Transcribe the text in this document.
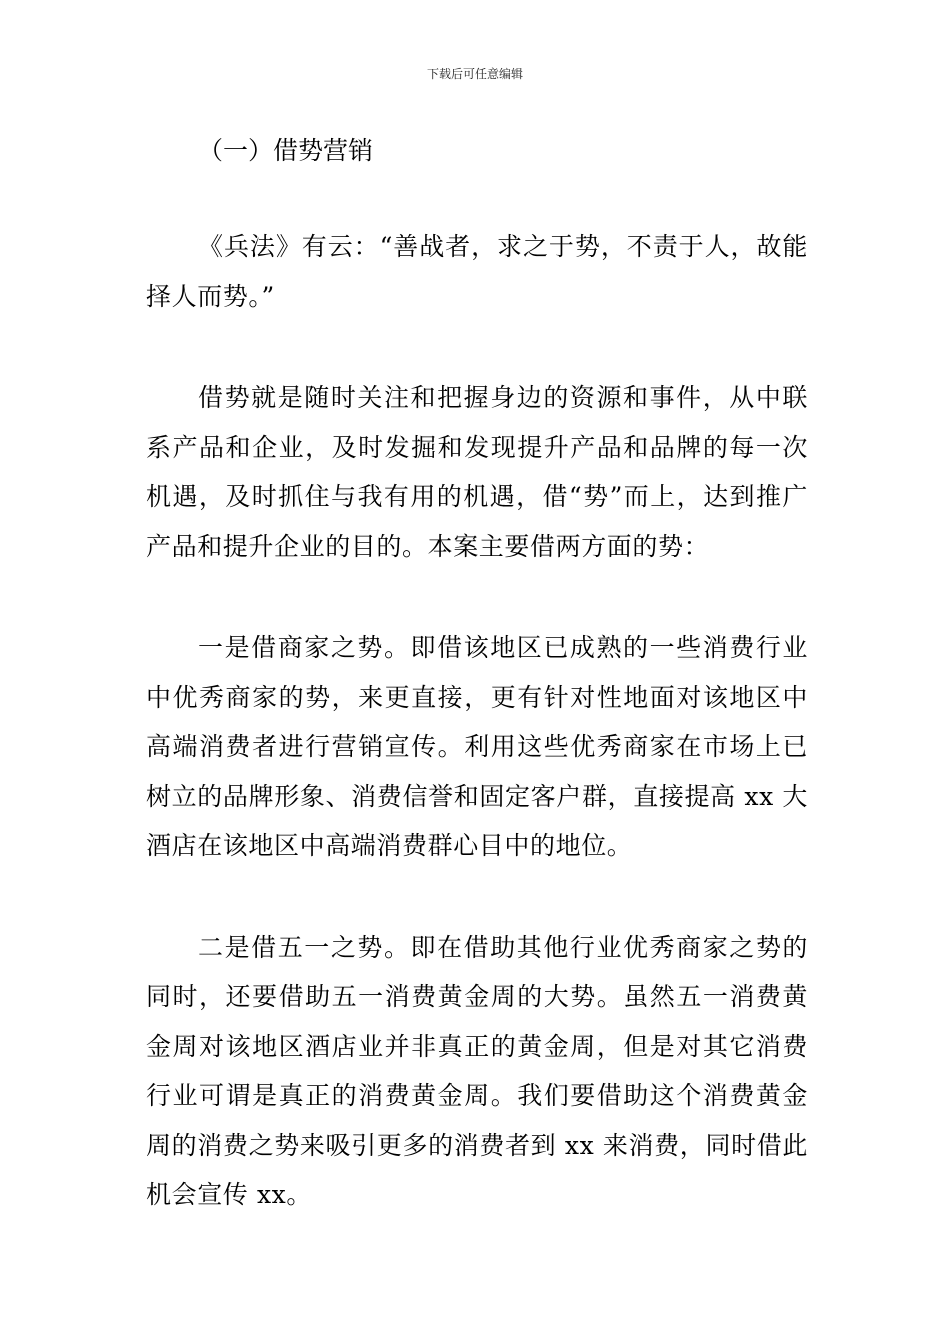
下载后可任意编辑
（一）借势营销

《兵法》有云：“善战者，求之于势，不责于人，故能择人而势。”

借势就是随时关注和把握身边的资源和事件，从中联系产品和企业，及时发掘和发现提升产品和品牌的每一次机遇，及时抓住与我有用的机遇，借“势”而上，达到推广产品和提升企业的目的。本案主要借两方面的势：

一是借商家之势。即借该地区已成熟的一些消费行业中优秀商家的势，来更直接，更有针对性地面对该地区中高端消费者进行营销宣传。利用这些优秀商家在市场上已树立的品牌形象、消费信誉和固定客户群，直接提高 xx 大酒店在该地区中高端消费群心目中的地位。

二是借五一之势。即在借助其他行业优秀商家之势的同时，还要借助五一消费黄金周的大势。虽然五一消费黄金周对该地区酒店业并非真正的黄金周，但是对其它消费行业可谓是真正的消费黄金周。我们要借助这个消费黄金周的消费之势来吸引更多的消费者到 xx 来消费，同时借此机会宣传 xx。
